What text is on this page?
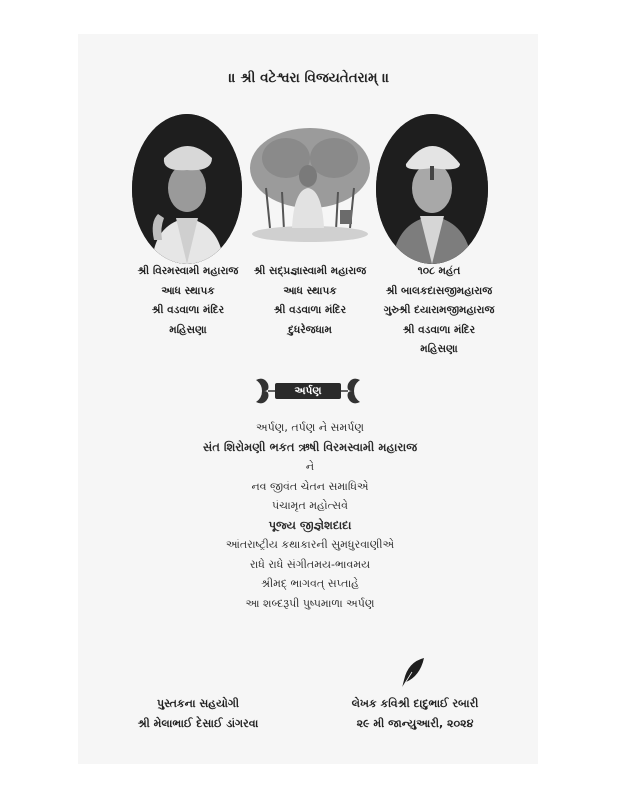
॥ શ્રી વટેશ્વરા વિજયતેતરામ્ ॥
શ્રી વિરમસ્વામી મહારાજ
આધ સ્થાપક
શ્રી વડવાળા મંદિર
મહિસણા
શ્રી સદ્પ્રજ્ઞાસ્વામી મહારાજ
આધ સ્થાપક
શ્રી વડવાળા મંદિર
દુધરેજધામ
૧૦૮ મહંત
શ્રી બાલકદાસજીમહારાજ
ગુરુશ્રી દયારામજીમહારાજ
શ્રી વડવાળા મંદિર
મહિસણા
અર્પણ
અર્પણ, તર્પણ ને સમર્પણ
સંત શિરોમણી ભકત ઋષી વિરમસ્વામી મહારાજ
ને
નવ જીવંત ચેતન સમાધિએ
પંચામૃત મહોત્સવે
પૂજ્ય જીજ્ઞેશદાદા
આંતરાષ્ટ્રીય કથાકારની સુમધુરવાણીએ
રાધે રાધે સંગીતમય-ભાવમય
શ્રીમદ્ ભાગવત્ સપ્તાહે
આ શબ્દરૂપી પુષ્પમાળા અર્પણ
પુસ્તકના સહયોગી
શ્રી મેલાભાઈ દેસાઈ ડાંગરવા
લેખક કવિશ્રી દાદુભાઈ રબારી
૨૯ મી જાન્યુઆરી, ૨૦૨૪
